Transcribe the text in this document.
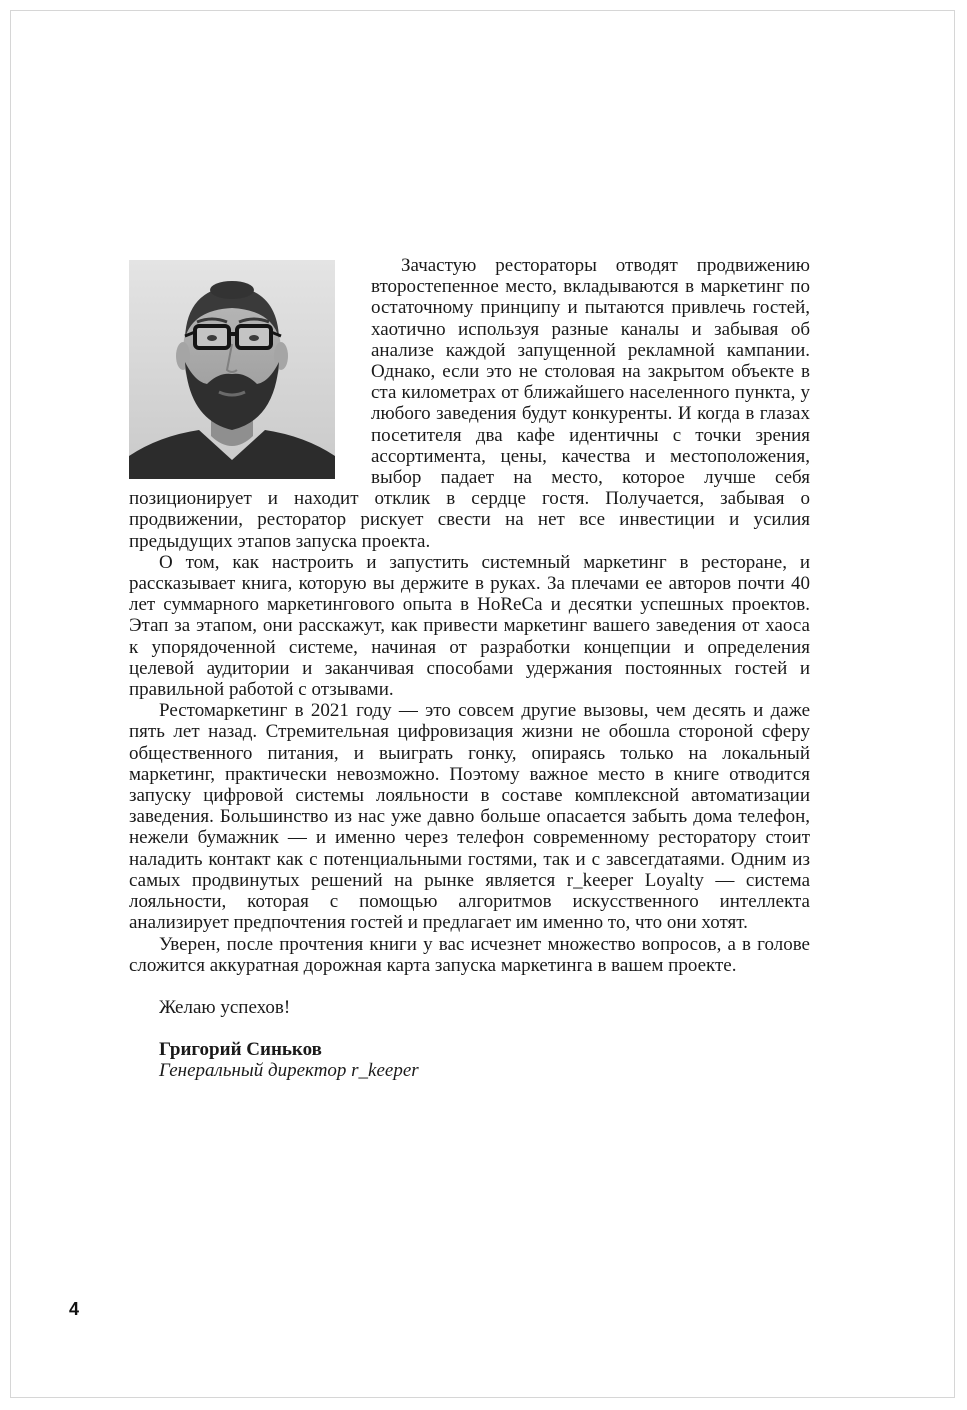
Зачастую рестораторы отводят продвижению второстепенное место, вкладываются в маркетинг по остаточному принципу и пытаются привлечь гостей, хаотично используя разные каналы и забывая об анализе каждой запущенной рекламной кампании. Однако, если это не столовая на закрытом объекте в ста километрах от ближайшего населенного пункта, у любого заведения будут конкуренты. И когда в глазах посетителя два кафе идентичны с точки зрения ассортимента, цены, качества и местоположения, выбор падает на место, которое лучше себя позиционирует и находит отклик в сердце гостя. Получается, забывая о продвижении, ресторатор рискует свести на нет все инвестиции и усилия предыдущих этапов запуска проекта.

О том, как настроить и запустить системный маркетинг в ресторане, и рассказывает книга, которую вы держите в руках. За плечами ее авторов почти 40 лет суммарного маркетингового опыта в HoReCa и десятки успешных проектов. Этап за этапом, они расскажут, как привести маркетинг вашего заведения от хаоса к упорядоченной системе, начиная от разработки концепции и определения целевой аудитории и заканчивая способами удержания постоянных гостей и правильной работой с отзывами.

Рестомаркетинг в 2021 году — это совсем другие вызовы, чем десять и даже пять лет назад. Стремительная цифровизация жизни не обошла стороной сферу общественного питания, и выиграть гонку, опираясь только на локальный маркетинг, практически невозможно. Поэтому важное место в книге отводится запуску цифровой системы лояльности в составе комплексной автоматизации заведения. Большинство из нас уже давно больше опасается забыть дома телефон, нежели бумажник — и именно через телефон современному ресторатору стоит наладить контакт как с потенциальными гостями, так и с завсегдатаями. Одним из самых продвинутых решений на рынке является r_keeper Loyalty — система лояльности, которая с помощью алгоритмов искусственного интеллекта анализирует предпочтения гостей и предлагает им именно то, что они хотят.

Уверен, после прочтения книги у вас исчезнет множество вопросов, а в голове сложится аккуратная дорожная карта запуска маркетинга в вашем проекте.

Желаю успехов!

Григорий Синьков
Генеральный директор r_keeper
4
